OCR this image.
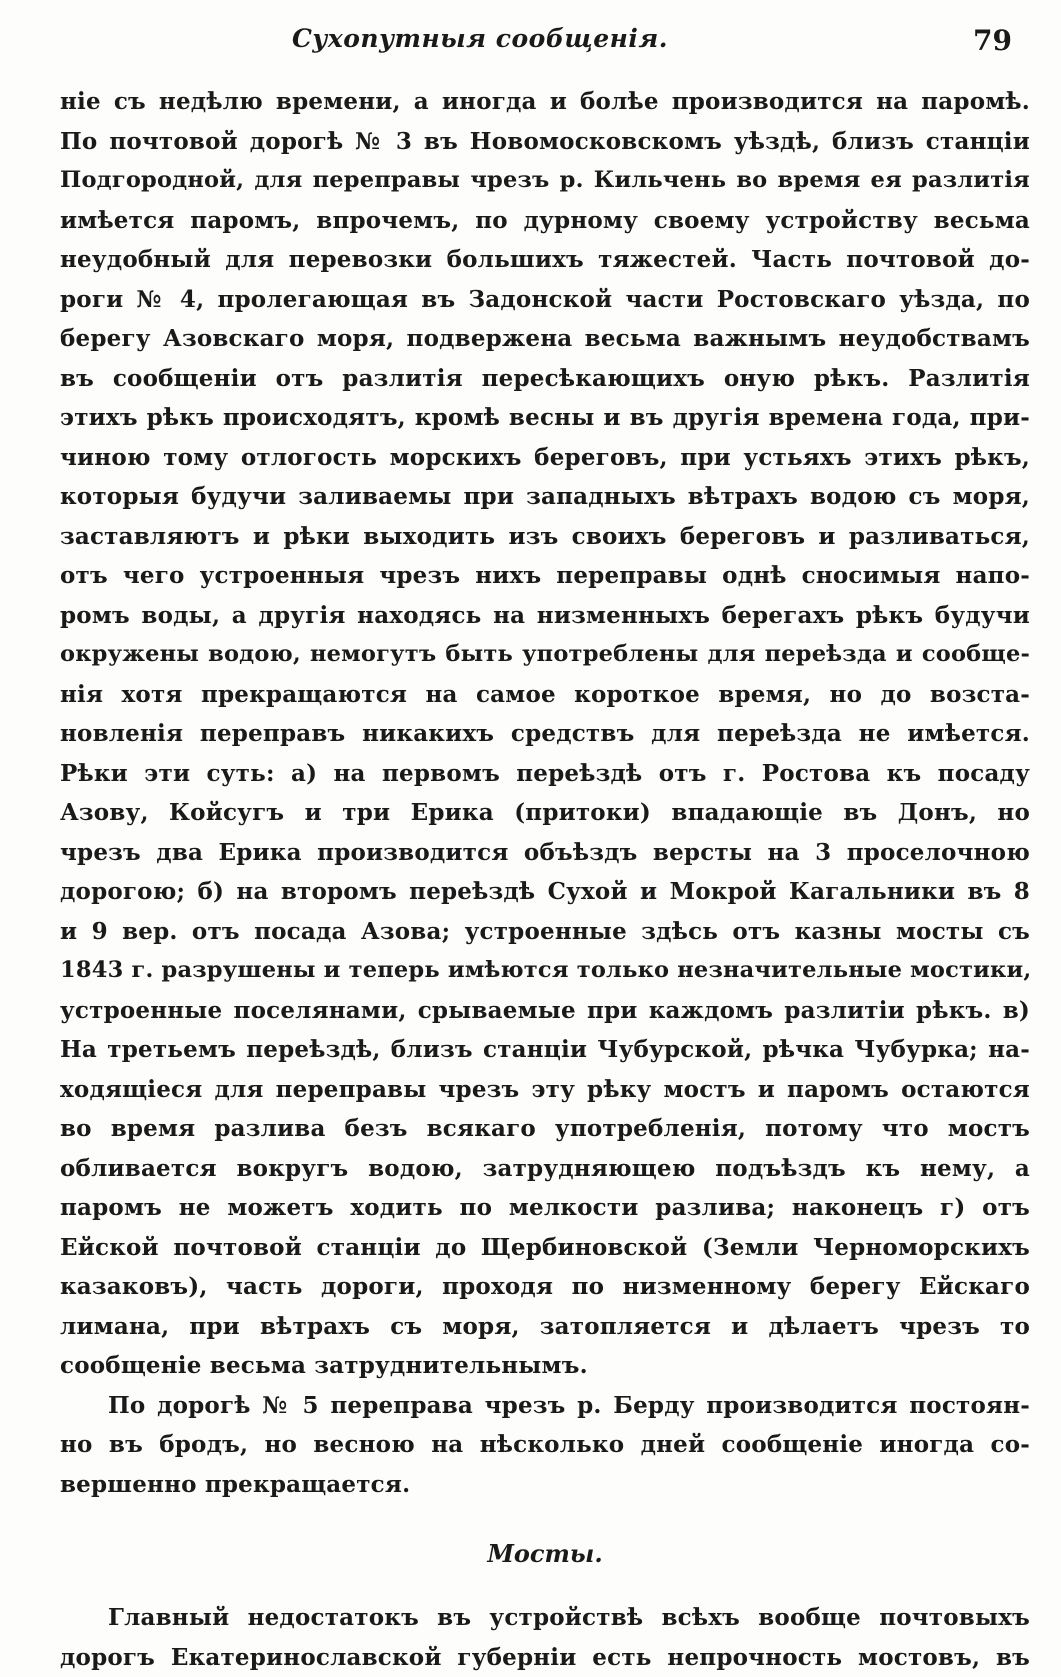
Сухопутныя сообщенія.	79
ніе съ недѣлю времени, а иногда и болѣе производится на паромѣ.
По почтовой дорогѣ № 3 въ Новомосковскомъ уѣздѣ, близъ станціи
Подгородной, для переправы чрезъ р. Кильчень во время ея разлитія
имѣется паромъ, впрочемъ, по дурному своему устройству весьма
неудобный для перевозки большихъ тяжестей. Часть почтовой до-
роги № 4, пролегающая въ Задонской части Ростовскаго уѣзда, по
берегу Азовскаго моря, подвержена весьма важнымъ неудобствамъ
въ сообщеніи отъ разлитія пересѣкающихъ оную рѣкъ. Разлитія
этихъ рѣкъ происходятъ, кромѣ весны и въ другія времена года, при-
чиною тому отлогость морскихъ береговъ, при устьяхъ этихъ рѣкъ,
которыя будучи заливаемы при западныхъ вѣтрахъ водою съ моря,
заставляютъ и рѣки выходить изъ своихъ береговъ и разливаться,
отъ чего устроенныя чрезъ нихъ переправы однѣ сносимыя напо-
ромъ воды, а другія находясь на низменныхъ берегахъ рѣкъ будучи
окружены водою, немогутъ быть употреблены для переѣзда и сообще-
нія хотя прекращаются на самое короткое время, но до возста-
новленія переправъ никакихъ средствъ для переѣзда не имѣется.
Рѣки эти суть: а) на первомъ переѣздѣ отъ г. Ростова къ посаду
Азову, Койсугъ и три Ерика (притоки) впадающіе въ Донъ, но
чрезъ два Ерика производится объѣздъ версты на 3 проселочною
дорогою; б) на второмъ переѣздѣ Сухой и Мокрой Кагальники въ 8
и 9 вер. отъ посада Азова; устроенные здѣсь отъ казны мосты съ
1843 г. разрушены и теперь имѣются только незначительные мостики,
устроенные поселянами, срываемые при каждомъ разлитіи рѣкъ. в)
На третьемъ переѣздѣ, близъ станціи Чубурской, рѣчка Чубурка; на-
ходящіеся для переправы чрезъ эту рѣку мостъ и паромъ остаются
во время разлива безъ всякаго употребленія, потому что мостъ
обливается вокругъ водою, затрудняющею подъѣздъ къ нему, а
паромъ не можетъ ходить по мелкости разлива; наконецъ г) отъ
Ейской почтовой станціи до Щербиновской (Земли Черноморскихъ
казаковъ), часть дороги, проходя по низменному берегу Ейскаго
лимана, при вѣтрахъ съ моря, затопляется и дѣлаетъ чрезъ то
сообщеніе весьма затруднительнымъ.
По дорогѣ № 5 переправа чрезъ р. Берду производится постоян-
но въ бродъ, но весною на нѣсколько дней сообщеніе иногда со-
вершенно прекращается.
Мосты.
Главный недостатокъ въ устройствѣ всѣхъ вообще почтовыхъ
дорогъ Екатеринославской губерніи есть непрочность мостовъ, въ
